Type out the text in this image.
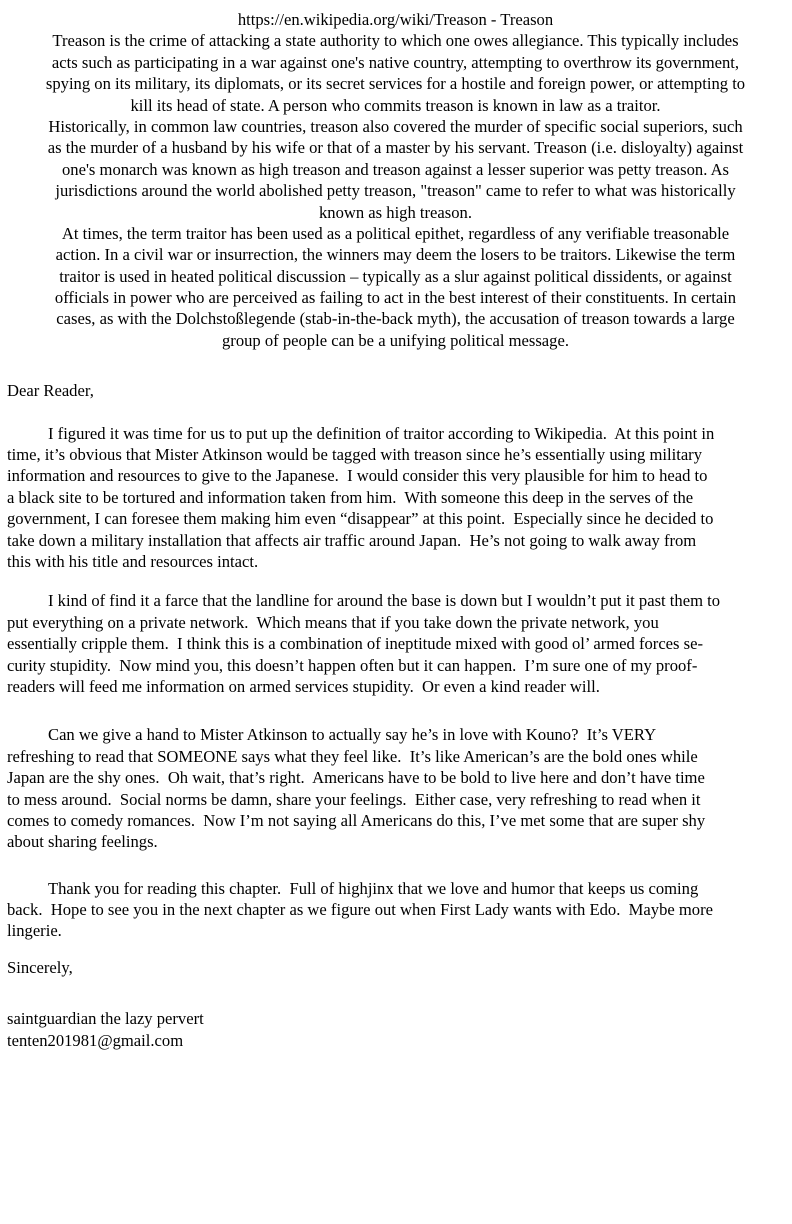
https://en.wikipedia.org/wiki/Treason - Treason
Treason is the crime of attacking a state authority to which one owes allegiance. This typically includes
acts such as participating in a war against one's native country, attempting to overthrow its government,
spying on its military, its diplomats, or its secret services for a hostile and foreign power, or attempting to
kill its head of state. A person who commits treason is known in law as a traitor.
Historically, in common law countries, treason also covered the murder of specific social superiors, such
as the murder of a husband by his wife or that of a master by his servant. Treason (i.e. disloyalty) against
one's monarch was known as high treason and treason against a lesser superior was petty treason. As
jurisdictions around the world abolished petty treason, "treason" came to refer to what was historically
known as high treason.
At times, the term traitor has been used as a political epithet, regardless of any verifiable treasonable
action. In a civil war or insurrection, the winners may deem the losers to be traitors. Likewise the term
traitor is used in heated political discussion – typically as a slur against political dissidents, or against
officials in power who are perceived as failing to act in the best interest of their constituents. In certain
cases, as with the Dolchstoßlegende (stab-in-the-back myth), the accusation of treason towards a large
group of people can be a unifying political message.
Dear Reader,
I figured it was time for us to put up the definition of traitor according to Wikipedia.  At this point in
time, it’s obvious that Mister Atkinson would be tagged with treason since he’s essentially using military
information and resources to give to the Japanese.  I would consider this very plausible for him to head to
a black site to be tortured and information taken from him.  With someone this deep in the serves of the
government, I can foresee them making him even “disappear” at this point.  Especially since he decided to
take down a military installation that affects air traffic around Japan.  He’s not going to walk away from
this with his title and resources intact.
I kind of find it a farce that the landline for around the base is down but I wouldn’t put it past them to
put everything on a private network.  Which means that if you take down the private network, you
essentially cripple them.  I think this is a combination of ineptitude mixed with good ol’ armed forces se-
curity stupidity.  Now mind you, this doesn’t happen often but it can happen.  I’m sure one of my proof-
readers will feed me information on armed services stupidity.  Or even a kind reader will.
Can we give a hand to Mister Atkinson to actually say he’s in love with Kouno?  It’s VERY
refreshing to read that SOMEONE says what they feel like.  It’s like American’s are the bold ones while
Japan are the shy ones.  Oh wait, that’s right.  Americans have to be bold to live here and don’t have time
to mess around.  Social norms be damn, share your feelings.  Either case, very refreshing to read when it
comes to comedy romances.  Now I’m not saying all Americans do this, I’ve met some that are super shy
about sharing feelings.
Thank you for reading this chapter.  Full of highjinx that we love and humor that keeps us coming
back.  Hope to see you in the next chapter as we figure out when First Lady wants with Edo.  Maybe more
lingerie.
Sincerely,
saintguardian the lazy pervert
tenten201981@gmail.com
